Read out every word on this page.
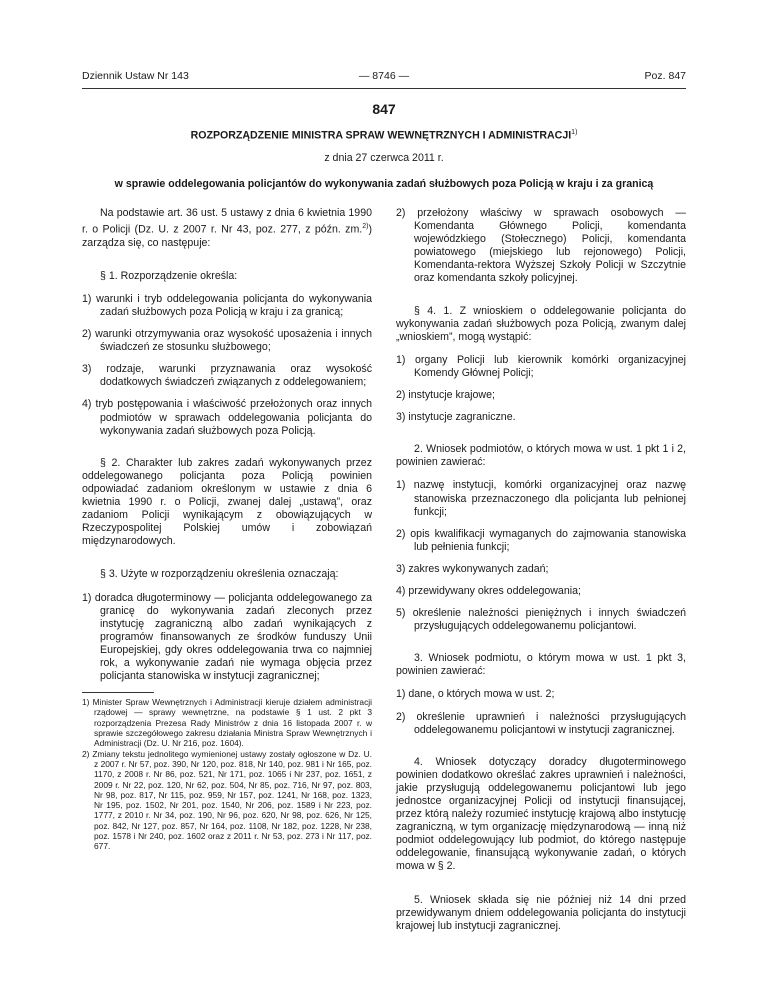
Dziennik Ustaw Nr 143	— 8746 —	Poz. 847
847
ROZPORZĄDZENIE MINISTRA SPRAW WEWNĘTRZNYCH I ADMINISTRACJI$^{1)}$
z dnia 27 czerwca 2011 r.
w sprawie oddelegowania policjantów do wykonywania zadań służbowych poza Policją w kraju i za granicą

Na podstawie art. 36 ust. 5 ustawy z dnia 6 kwietnia 1990 r. o Policji (Dz. U. z 2007 r. Nr 43, poz. 277, z późn. zm.$^{2)}$) zarządza się, co następuje:

§ 1. Rozporządzenie określa:

1) warunki i tryb oddelegowania policjanta do wykonywania zadań służbowych poza Policją w kraju i za granicą;

2) warunki otrzymywania oraz wysokość uposażenia i innych świadczeń ze stosunku służbowego;

3) rodzaje, warunki przyznawania oraz wysokość dodatkowych świadczeń związanych z oddelegowaniem;

4) tryb postępowania i właściwość przełożonych oraz innych podmiotów w sprawach oddelegowania policjanta do wykonywania zadań służbowych poza Policją.

§ 2. Charakter lub zakres zadań wykonywanych przez oddelegowanego policjanta poza Policją powinien odpowiadać zadaniom określonym w ustawie z dnia 6 kwietnia 1990 r. o Policji, zwanej dalej „ustawą”, oraz zadaniom Policji wynikającym z obowiązujących w Rzeczypospolitej Polskiej umów i zobowiązań międzynarodowych.

§ 3. Użyte w rozporządzeniu określenia oznaczają:

1) doradca długoterminowy — policjanta oddelegowanego za granicę do wykonywania zadań zleconych przez instytucję zagraniczną albo zadań wynikających z programów finansowanych ze środków funduszy Unii Europejskiej, gdy okres oddelegowania trwa co najmniej rok, a wykonywanie zadań nie wymaga objęcia przez policjanta stanowiska w instytucji zagranicznej;

1) Minister Spraw Wewnętrznych i Administracji kieruje działem administracji rządowej — sprawy wewnętrzne, na podstawie § 1 ust. 2 pkt 3 rozporządzenia Prezesa Rady Ministrów z dnia 16 listopada 2007 r. w sprawie szczegółowego zakresu działania Ministra Spraw Wewnętrznych i Administracji (Dz. U. Nr 216, poz. 1604).

2) Zmiany tekstu jednolitego wymienionej ustawy zostały ogłoszone w Dz. U. z 2007 r. Nr 57, poz. 390, Nr 120, poz. 818, Nr 140, poz. 981 i Nr 165, poz. 1170, z 2008 r. Nr 86, poz. 521, Nr 171, poz. 1065 i Nr 237, poz. 1651, z 2009 r. Nr 22, poz. 120, Nr 62, poz. 504, Nr 85, poz. 716, Nr 97, poz. 803, Nr 98, poz. 817, Nr 115, poz. 959, Nr 157, poz. 1241, Nr 168, poz. 1323, Nr 195, poz. 1502, Nr 201, poz. 1540, Nr 206, poz. 1589 i Nr 223, poz. 1777, z 2010 r. Nr 34, poz. 190, Nr 96, poz. 620, Nr 98, poz. 626, Nr 125, poz. 842, Nr 127, poz. 857, Nr 164, poz. 1108, Nr 182, poz. 1228, Nr 238, poz. 1578 i Nr 240, poz. 1602 oraz z 2011 r. Nr 53, poz. 273 i Nr 117, poz. 677.

2) przełożony właściwy w sprawach osobowych — Komendanta Głównego Policji, komendanta wojewódzkiego (Stołecznego) Policji, komendanta powiatowego (miejskiego lub rejonowego) Policji, Komendanta-rektora Wyższej Szkoły Policji w Szczytnie oraz komendanta szkoły policyjnej.

§ 4. 1. Z wnioskiem o oddelegowanie policjanta do wykonywania zadań służbowych poza Policją, zwanym dalej „wnioskiem”, mogą wystąpić:

1) organy Policji lub kierownik komórki organizacyjnej Komendy Głównej Policji;

2) instytucje krajowe;

3) instytucje zagraniczne.

2. Wniosek podmiotów, o których mowa w ust. 1 pkt 1 i 2, powinien zawierać:

1) nazwę instytucji, komórki organizacyjnej oraz nazwę stanowiska przeznaczonego dla policjanta lub pełnionej funkcji;

2) opis kwalifikacji wymaganych do zajmowania stanowiska lub pełnienia funkcji;

3) zakres wykonywanych zadań;

4) przewidywany okres oddelegowania;

5) określenie należności pieniężnych i innych świadczeń przysługujących oddelegowanemu policjantowi.

3. Wniosek podmiotu, o którym mowa w ust. 1 pkt 3, powinien zawierać:

1) dane, o których mowa w ust. 2;

2) określenie uprawnień i należności przysługujących oddelegowanemu policjantowi w instytucji zagranicznej.

4. Wniosek dotyczący doradcy długoterminowego powinien dodatkowo określać zakres uprawnień i należności, jakie przysługują oddelegowanemu policjantowi lub jego jednostce organizacyjnej Policji od instytucji finansującej, przez którą należy rozumieć instytucję krajową albo instytucję zagraniczną, w tym organizację międzynarodową — inną niż podmiot oddelegowujący lub podmiot, do którego następuje oddelegowanie, finansującą wykonywanie zadań, o których mowa w § 2.

5. Wniosek składa się nie później niż 14 dni przed przewidywanym dniem oddelegowania policjanta do instytucji krajowej lub instytucji zagranicznej.
